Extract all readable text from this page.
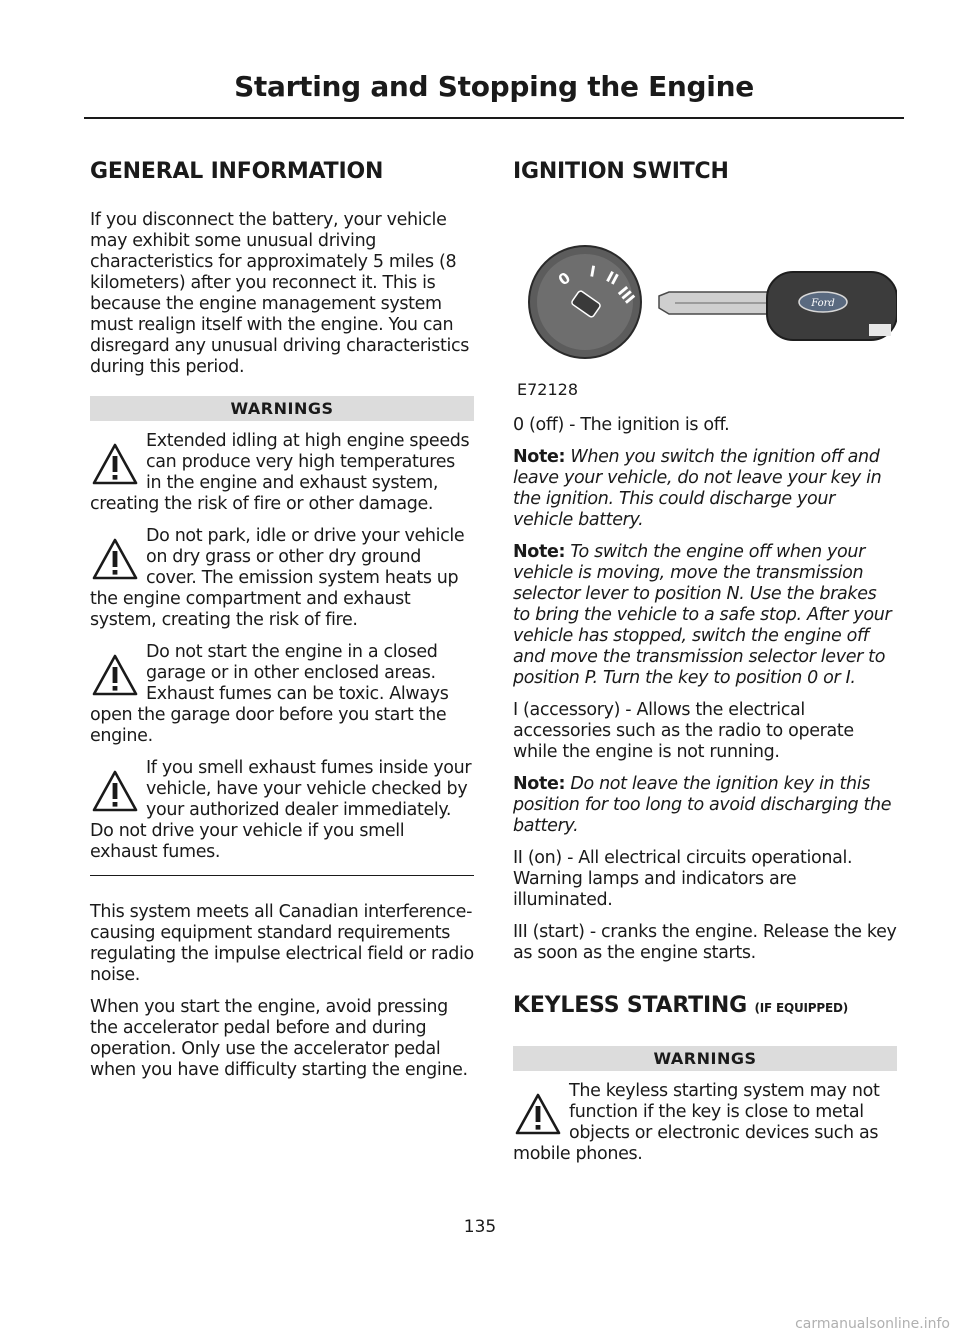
Starting and Stopping the Engine
GENERAL INFORMATION

If you disconnect the battery, your vehicle may exhibit some unusual driving characteristics for approximately 5 miles (8 kilometers) after you reconnect it. This is because the engine management system must realign itself with the engine. You can disregard any unusual driving characteristics during this period.

WARNINGS
Extended idling at high engine speeds can produce very high temperatures in the engine and exhaust system, creating the risk of fire or other damage.
Do not park, idle or drive your vehicle on dry grass or other dry ground cover. The emission system heats up the engine compartment and exhaust system, creating the risk of fire.
Do not start the engine in a closed garage or in other enclosed areas. Exhaust fumes can be toxic. Always open the garage door before you start the engine.
If you smell exhaust fumes inside your vehicle, have your vehicle checked by your authorized dealer immediately. Do not drive your vehicle if you smell exhaust fumes.

This system meets all Canadian interference-causing equipment standard requirements regulating the impulse electrical field or radio noise.

When you start the engine, avoid pressing the accelerator pedal before and during operation. Only use the accelerator pedal when you have difficulty starting the engine.

IGNITION SWITCH
0 I II
III	Ford
E72128

0 (off) - The ignition is off.

Note: When you switch the ignition off and leave your vehicle, do not leave your key in the ignition. This could discharge your vehicle battery.

Note: To switch the engine off when your vehicle is moving, move the transmission selector lever to position N. Use the brakes to bring the vehicle to a safe stop. After your vehicle has stopped, switch the engine off and move the transmission selector lever to position P. Turn the key to position 0 or I.

I (accessory) - Allows the electrical accessories such as the radio to operate while the engine is not running.

Note: Do not leave the ignition key in this position for too long to avoid discharging the battery.

II (on) - All electrical circuits operational. Warning lamps and indicators are illuminated.

III (start) - cranks the engine. Release the key as soon as the engine starts.

KEYLESS STARTING (IF EQUIPPED)
WARNINGS
The keyless starting system may not function if the key is close to metal objects or electronic devices such as mobile phones.
135
carmanualsonline.info
